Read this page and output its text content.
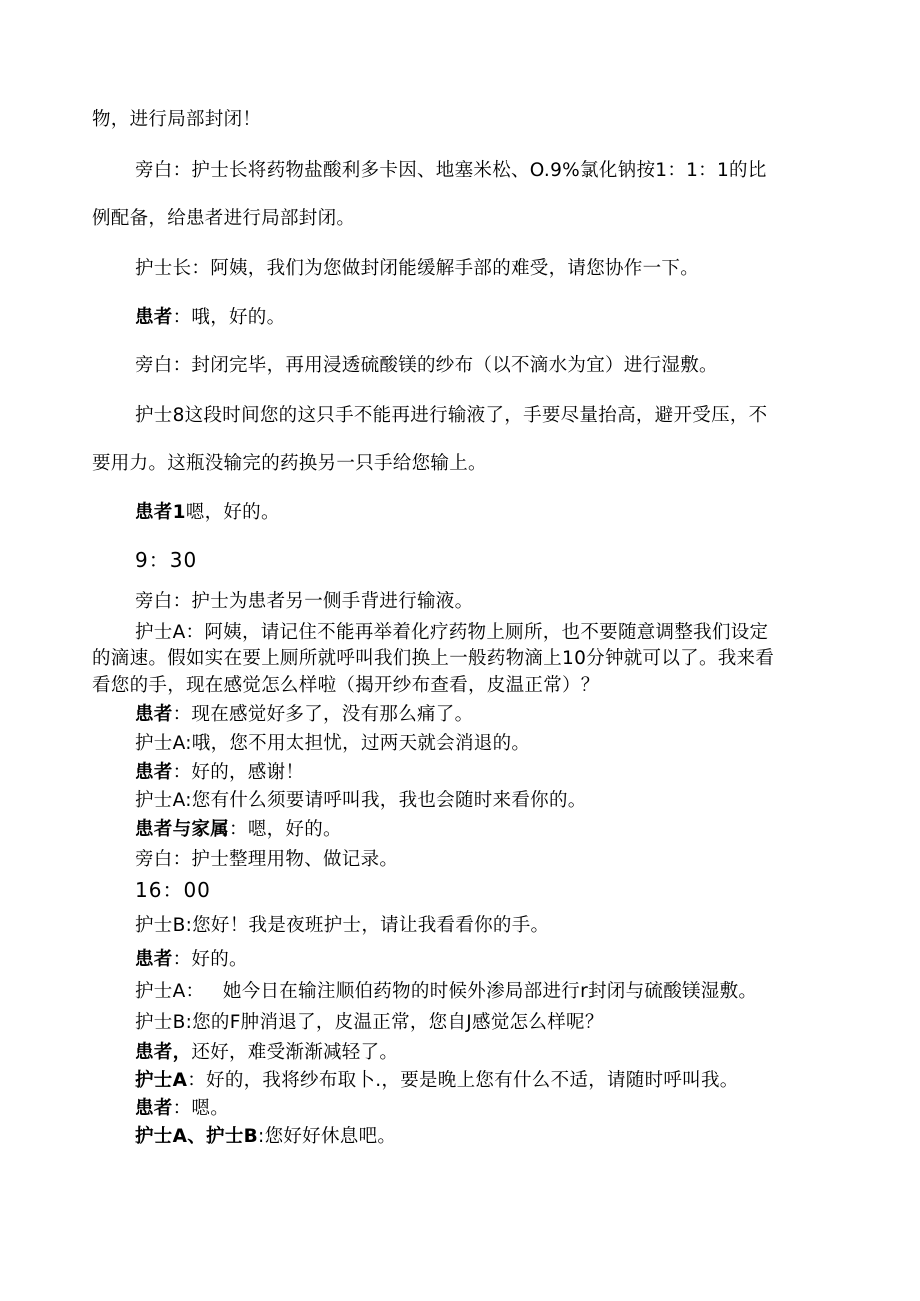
物，进行局部封闭！
旁白：护士长将药物盐酸利多卡因、地塞米松、O.9%氯化钠按1：1：1的比
例配备，给患者进行局部封闭。
护士长：阿姨，我们为您做封闭能缓解手部的难受，请您协作一下。
患者：哦，好的。
旁白：封闭完毕，再用浸透硫酸镁的纱布（以不滴水为宜）进行湿敷。
护士8这段时间您的这只手不能再进行输液了，手要尽量抬高，避开受压，不
要用力。这瓶没输完的药换另一只手给您输上。
患者1嗯，好的。
9：30
旁白：护士为患者另一侧手背进行输液。
护士A：阿姨，请记住不能再举着化疗药物上厕所，也不要随意调整我们设定
的滴速。假如实在要上厕所就呼叫我们换上一般药物滴上10分钟就可以了。我来看
看您的手，现在感觉怎么样啦（揭开纱布查看，皮温正常）？
患者：现在感觉好多了，没有那么痛了。
护士A:哦，您不用太担忧，过两天就会消退的。
患者：好的，感谢！
护士A:您有什么须要请呼叫我，我也会随时来看你的。
患者与家属：嗯，好的。
旁白：护士整理用物、做记录。
16：00
护士B:您好！我是夜班护士，请让我看看你的手。
患者：好的。
护士A：   她今日在输注顺伯药物的时候外渗局部进行r封闭与硫酸镁湿敷。
护士B:您的F肿消退了，皮温正常，您自J感觉怎么样呢？
患者，还好，难受渐渐减轻了。
护士A：好的，我将纱布取卜.，要是晚上您有什么不适，请随时呼叫我。
患者：嗯。
护士A、护士B:您好好休息吧。
